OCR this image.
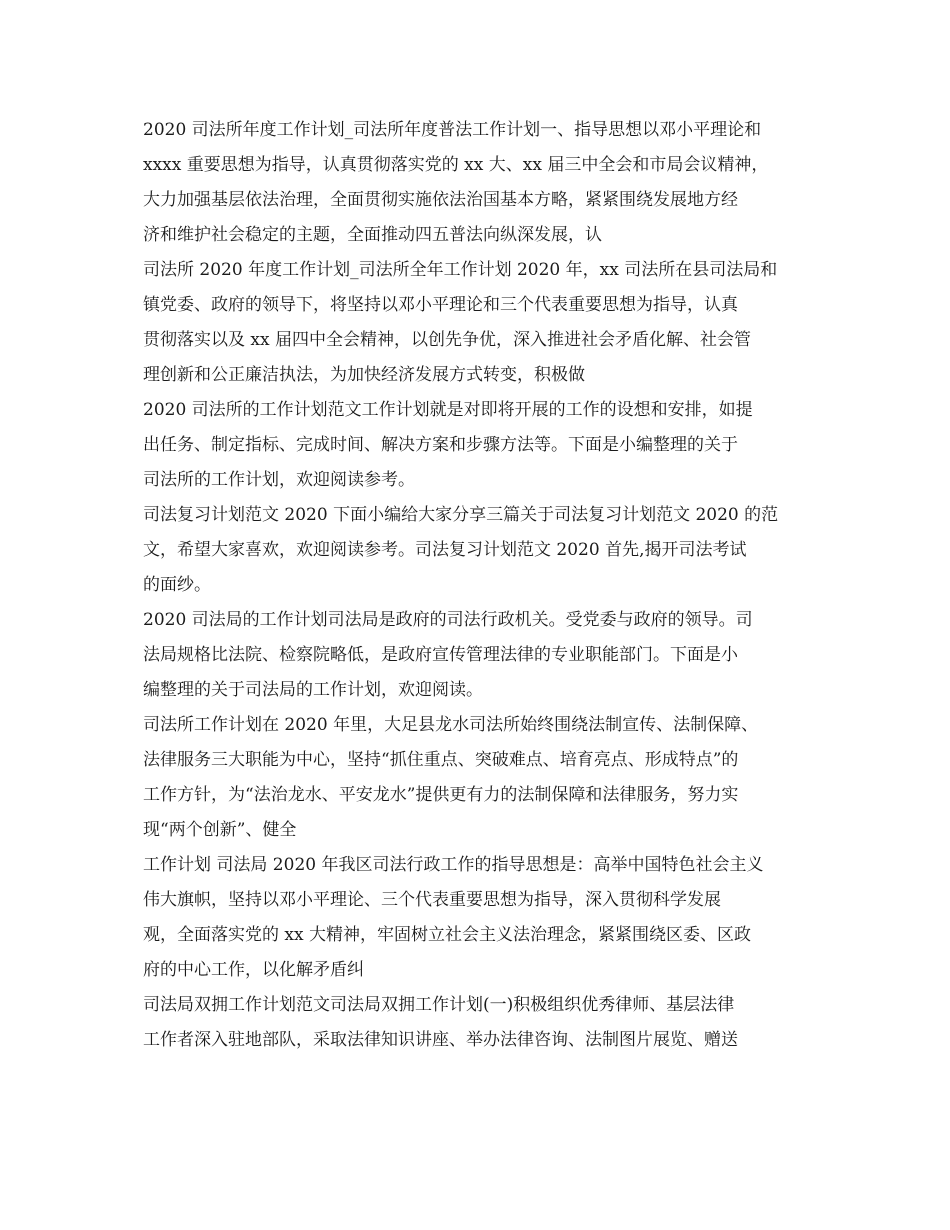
2020 司法所年度工作计划_司法所年度普法工作计划一、指导思想以邓小平理论和
xxxx 重要思想为指导，认真贯彻落实党的 xx 大、xx 届三中全会和市局会议精神，
大力加强基层依法治理，全面贯彻实施依法治国基本方略，紧紧围绕发展地方经
济和维护社会稳定的主题，全面推动四五普法向纵深发展，认
司法所 2020 年度工作计划_司法所全年工作计划 2020 年，xx 司法所在县司法局和
镇党委、政府的领导下，将坚持以邓小平理论和三个代表重要思想为指导，认真
贯彻落实以及 xx 届四中全会精神，以创先争优，深入推进社会矛盾化解、社会管
理创新和公正廉洁执法，为加快经济发展方式转变，积极做
2020 司法所的工作计划范文工作计划就是对即将开展的工作的设想和安排，如提
出任务、制定指标、完成时间、解决方案和步骤方法等。下面是小编整理的关于
司法所的工作计划，欢迎阅读参考。
司法复习计划范文 2020 下面小编给大家分享三篇关于司法复习计划范文 2020 的范
文，希望大家喜欢，欢迎阅读参考。司法复习计划范文 2020 首先,揭开司法考试
的面纱。
2020 司法局的工作计划司法局是政府的司法行政机关。受党委与政府的领导。司
法局规格比法院、检察院略低，是政府宣传管理法律的专业职能部门。下面是小
编整理的关于司法局的工作计划，欢迎阅读。
司法所工作计划在 2020 年里，大足县龙水司法所始终围绕法制宣传、法制保障、
法律服务三大职能为中心，坚持“抓住重点、突破难点、培育亮点、形成特点”的
工作方针，为“法治龙水、平安龙水”提供更有力的法制保障和法律服务，努力实
现“两个创新”、健全
工作计划 司法局 2020 年我区司法行政工作的指导思想是：高举中国特色社会主义
伟大旗帜，坚持以邓小平理论、三个代表重要思想为指导，深入贯彻科学发展
观，全面落实党的 xx 大精神，牢固树立社会主义法治理念，紧紧围绕区委、区政
府的中心工作，以化解矛盾纠
司法局双拥工作计划范文司法局双拥工作计划(一)积极组织优秀律师、基层法律
工作者深入驻地部队，采取法律知识讲座、举办法律咨询、法制图片展览、赠送
